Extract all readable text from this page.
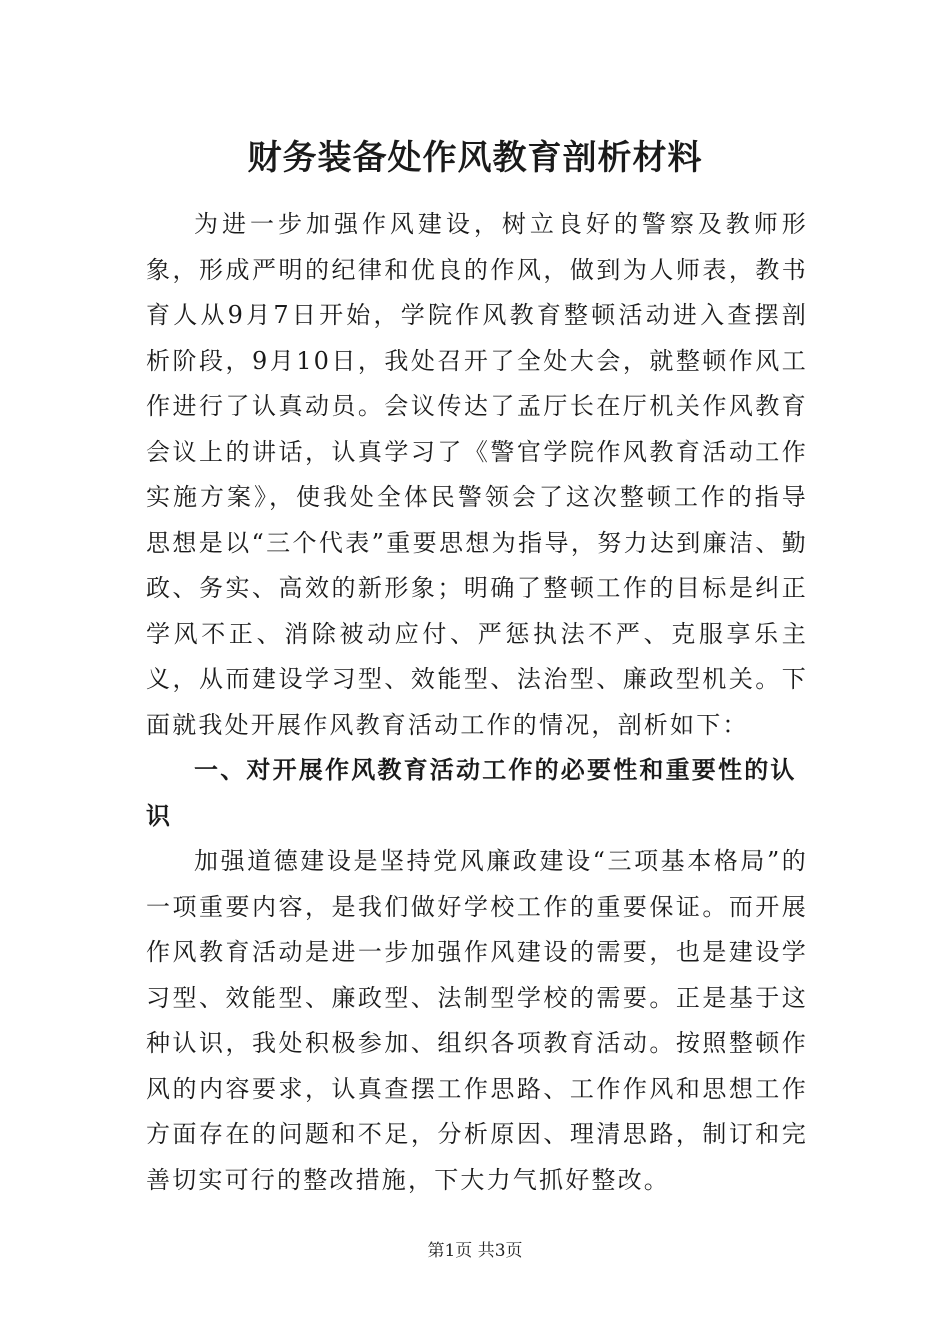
财务装备处作风教育剖析材料

为进一步加强作风建设，树立良好的警察及教师形象，形成严明的纪律和优良的作风，做到为人师表，教书育人从9月7日开始，学院作风教育整顿活动进入查摆剖析阶段，9月10日，我处召开了全处大会，就整顿作风工作进行了认真动员。会议传达了孟厅长在厅机关作风教育会议上的讲话，认真学习了《警官学院作风教育活动工作实施方案》，使我处全体民警领会了这次整顿工作的指导思想是以“三个代表”重要思想为指导，努力达到廉洁、勤政、务实、高效的新形象；明确了整顿工作的目标是纠正学风不正、消除被动应付、严惩执法不严、克服享乐主义，从而建设学习型、效能型、法治型、廉政型机关。下面就我处开展作风教育活动工作的情况，剖析如下：

一、对开展作风教育活动工作的必要性和重要性的认识

加强道德建设是坚持党风廉政建设“三项基本格局”的一项重要内容，是我们做好学校工作的重要保证。而开展作风教育活动是进一步加强作风建设的需要，也是建设学习型、效能型、廉政型、法制型学校的需要。正是基于这种认识，我处积极参加、组织各项教育活动。按照整顿作风的内容要求，认真查摆工作思路、工作作风和思想工作方面存在的问题和不足，分析原因、理清思路，制订和完善切实可行的整改措施，下大力气抓好整改。

第1页 共3页
